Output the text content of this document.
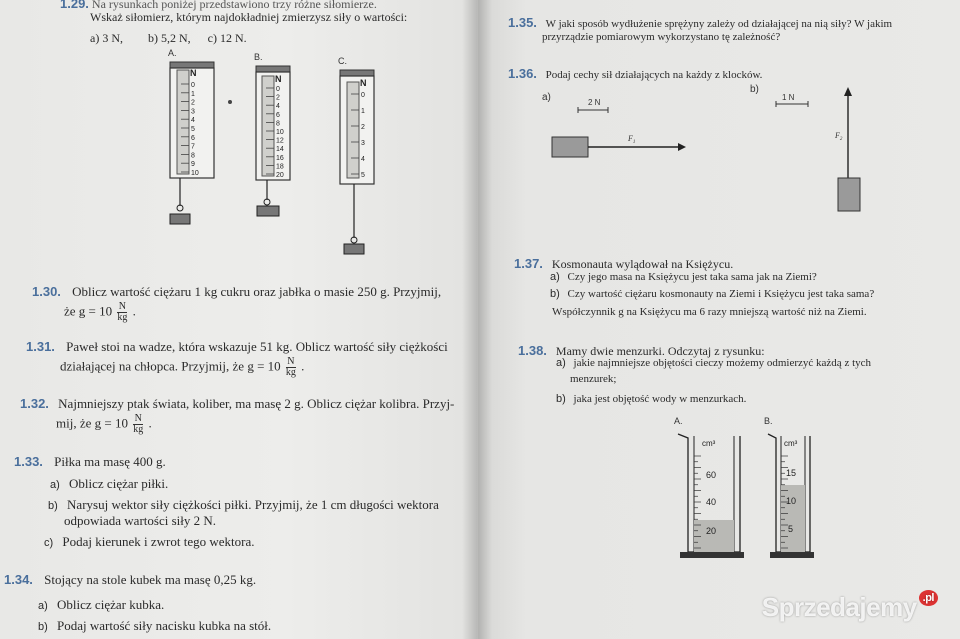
1.29. Na rysunkach poniżej przedstawiono trzy różne siłomierze.
Wskaż siłomierz, którym najdokładniej zmierzysz siły o wartości:
a) 3 N, b) 5,2 N, c) 12 N.
A.
N
0
1
2
3
4
5
6
7
8
9
10
B.
N
0
2
4
6
8
10
12
14
16
18
20
C.
N
0
1
2
3
4
5
1.30. Oblicz wartość ciężaru 1 kg cukru oraz jabłka o masie 250 g. Przyjmij,
że $g = 10 \frac{N}{kg}$ .
1.31. Paweł stoi na wadze, która wskazuje 51 kg. Oblicz wartość siły ciężkości
działającej na chłopca. Przyjmij, że $g = 10 \frac{N}{kg}$ .
1.32. Najmniejszy ptak świata, koliber, ma masę 2 g. Oblicz ciężar kolibra. Przyj-
mij, że $g = 10 \frac{N}{kg}$ .
1.33. Piłka ma masę 400 g.
a) Oblicz ciężar piłki.
b) Narysuj wektor siły ciężkości piłki. Przyjmij, że 1 cm długości wektora
odpowiada wartości siły 2 N.
c) Podaj kierunek i zwrot tego wektora.
1.34. Stojący na stole kubek ma masę 0,25 kg.
a) Oblicz ciężar kubka.
b) Podaj wartość siły nacisku kubka na stół.
1.35. W jaki sposób wydłużenie sprężyny zależy od działającej na nią siły? W jakim
przyrządzie pomiarowym wykorzystano tę zależność?
1.36. Podaj cechy sił działających na każdy z klocków.
a)	2 N
$F_1$
b)
1 N
$F_2$
1.37. Kosmonauta wylądował na Księżycu.
a) Czy jego masa na Księżycu jest taka sama jak na Ziemi?
b) Czy wartość ciężaru kosmonauty na Ziemi i Księżycu jest taka sama?
Współczynnik g na Księżycu ma 6 razy mniejszą wartość niż na Ziemi.
1.38. Mamy dwie menzurki. Odczytaj z rysunku:
a) jakie najmniejsze objętości cieczy możemy odmierzyć każdą z tych
menzurek;
b) jaka jest objętość wody w menzurkach.
A.
cm³
60
40
20
B.
cm³
15
10
5
Sprzedajemy $^{.pl}$
